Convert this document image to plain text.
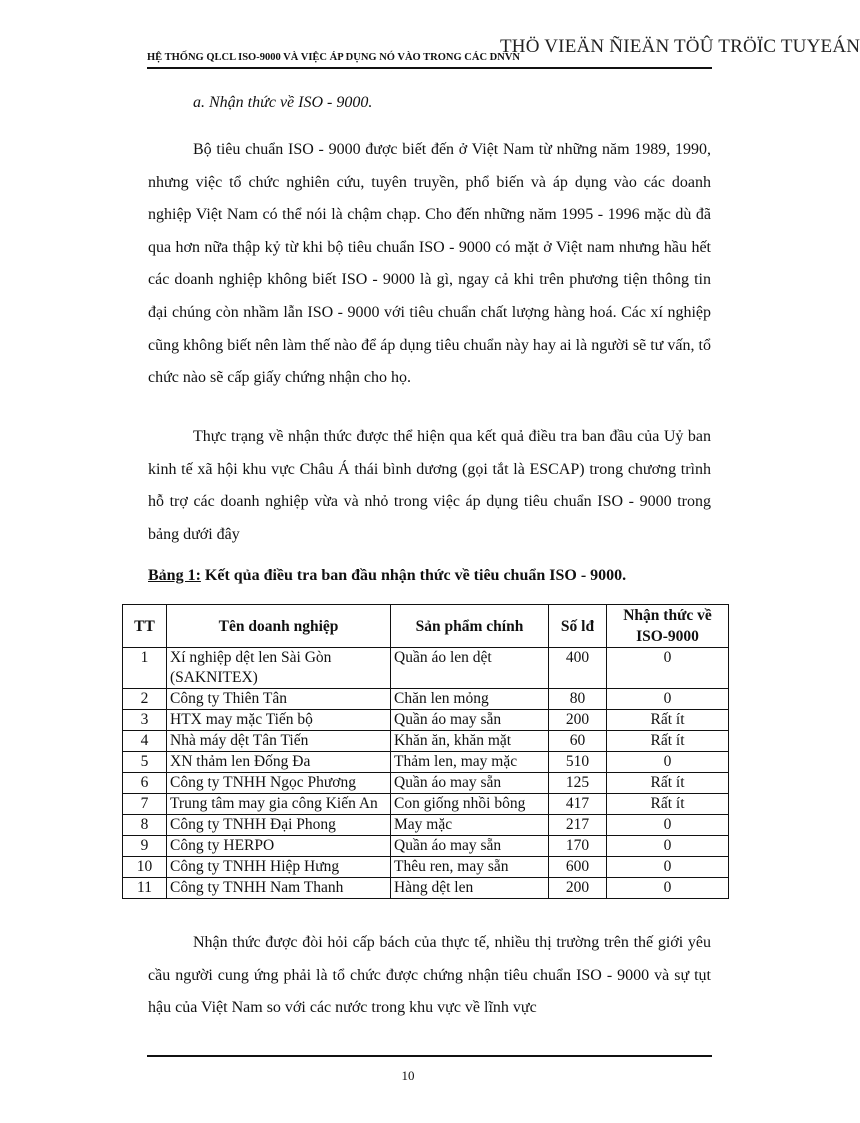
THÖ VIEÄN ÑIEÄN TÖÛ TRÖÏC TUYEÁN
HỆ THỐNG QLCL ISO-9000 VÀ VIỆC ÁP DỤNG NÓ VÀO TRONG CÁC DNVN
a. Nhận thức về ISO - 9000.

Bộ tiêu chuẩn ISO - 9000 được biết đến ở Việt Nam từ những năm 1989, 1990, nhưng việc tổ chức nghiên cứu, tuyên truyền, phổ biến và áp dụng vào các doanh nghiệp Việt Nam có thể nói là chậm chạp. Cho đến những năm 1995 - 1996 mặc dù đã qua hơn nữa thập kỷ từ khi bộ tiêu chuẩn ISO - 9000 có mặt ở Việt nam nhưng hầu hết các doanh nghiệp không biết ISO - 9000 là gì, ngay cả khi trên phương tiện thông tin đại chúng còn nhầm lẫn ISO - 9000 với tiêu chuẩn chất lượng hàng hoá. Các xí nghiệp cũng không biết nên làm thế nào để áp dụng tiêu chuẩn này hay ai là người sẽ tư vấn, tổ chức nào sẽ cấp giấy chứng nhận cho họ.

Thực trạng về nhận thức được thể hiện qua kết quả điều tra ban đầu của Uỷ ban kinh tế xã hội khu vực Châu Á thái bình dương (gọi tắt là ESCAP) trong chương trình hỗ trợ các doanh nghiệp vừa và nhỏ trong việc áp dụng tiêu chuẩn ISO - 9000 trong bảng dưới đây

Bảng 1: Kết qủa điều tra ban đầu nhận thức về tiêu chuẩn ISO - 9000.
TT	Tên doanh nghiệp	Sản phẩm chính	Số lđ	Nhận thức về ISO-9000
1	Xí nghiệp dệt len Sài Gòn (SAKNITEX)	Quần áo len dệt	400	0
2	Công ty Thiên Tân	Chăn len mỏng	80	0
3	HTX may mặc Tiến bộ	Quần áo may sẵn	200	Rất ít
4	Nhà máy dệt Tân Tiến	Khăn ăn, khăn mặt	60	Rất ít
5	XN thảm len Đống Đa	Thảm len, may mặc	510	0
6	Công ty TNHH Ngọc Phương	Quần áo may sẵn	125	Rất ít
7	Trung tâm may gia công Kiến An	Con giống nhồi bông	417	Rất ít
8	Công ty TNHH Đại Phong	May mặc	217	0
9	Công ty HERPO	Quần áo may sẵn	170	0
10	Công ty TNHH Hiệp Hưng	Thêu ren, may sẵn	600	0
11	Công ty TNHH Nam Thanh	Hàng dệt len	200	0

Nhận thức được đòi hỏi cấp bách của thực tế, nhiều thị trường trên thế giới yêu cầu người cung ứng phải là tổ chức được chứng nhận tiêu chuẩn ISO - 9000 và sự tụt hậu của Việt Nam so với các nước trong khu vực về lĩnh vực

10
